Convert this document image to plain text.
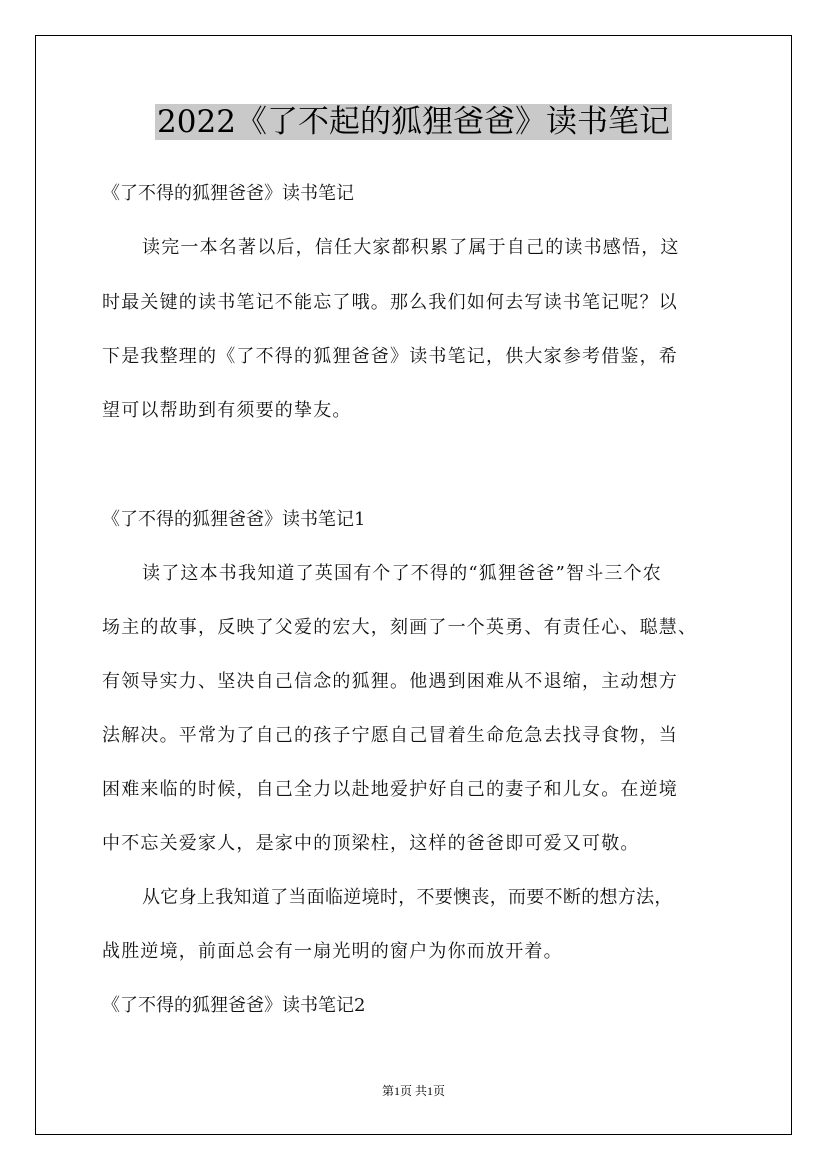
2022《了不起的狐狸爸爸》读书笔记
《了不得的狐狸爸爸》读书笔记
读完一本名著以后，信任大家都积累了属于自己的读书感悟，这
时最关键的读书笔记不能忘了哦。那么我们如何去写读书笔记呢？以
下是我整理的《了不得的狐狸爸爸》读书笔记，供大家参考借鉴，希
望可以帮助到有须要的挚友。
《了不得的狐狸爸爸》读书笔记1
读了这本书我知道了英国有个了不得的“狐狸爸爸”智斗三个农
场主的故事，反映了父爱的宏大，刻画了一个英勇、有责任心、聪慧、
有领导实力、坚决自己信念的狐狸。他遇到困难从不退缩，主动想方
法解决。平常为了自己的孩子宁愿自己冒着生命危急去找寻食物，当
困难来临的时候，自己全力以赴地爱护好自己的妻子和儿女。在逆境
中不忘关爱家人，是家中的顶梁柱，这样的爸爸即可爱又可敬。
从它身上我知道了当面临逆境时，不要懊丧，而要不断的想方法，
战胜逆境，前面总会有一扇光明的窗户为你而放开着。
《了不得的狐狸爸爸》读书笔记2
第1页 共1页
